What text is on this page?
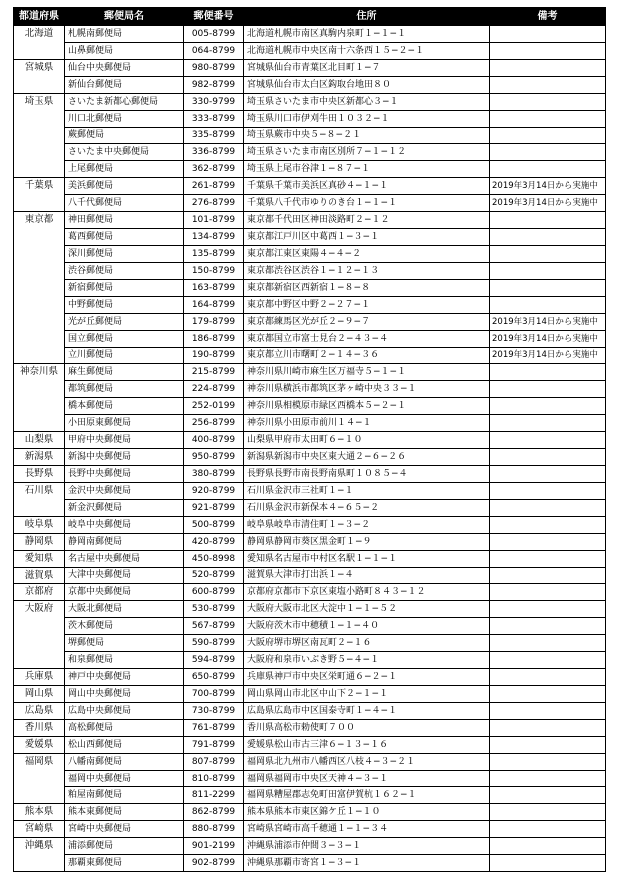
都道府県	郵便局名	郵便番号	住所	備考
北海道	札幌南郵便局	005-8799	北海道札幌市南区真駒内泉町１−１−１	
	山鼻郵便局	064-8799	北海道札幌市中央区南十六条西１５−２−１	
宮城県	仙台中央郵便局	980-8799	宮城県仙台市青葉区北目町１−７	
	新仙台郵便局	982-8799	宮城県仙台市太白区鈎取台地田８０	
埼玉県	さいたま新都心郵便局	330-9799	埼玉県さいたま市中央区新都心３−１	
	川口北郵便局	333-8799	埼玉県川口市伊刈牛田１０３２−１	
	蕨郵便局	335-8799	埼玉県蕨市中央５−８−２１	
	さいたま中央郵便局	336-8799	埼玉県さいたま市南区別所７−１−１２	
	上尾郵便局	362-8799	埼玉県上尾市谷津１−８７−１	
千葉県	美浜郵便局	261-8799	千葉県千葉市美浜区真砂４−１−１	2019年3月14日から実施中
	八千代郵便局	276-8799	千葉県八千代市ゆりのき台１−１−１	2019年3月14日から実施中
東京都	神田郵便局	101-8799	東京都千代田区神田淡路町２−１２	
	葛西郵便局	134-8799	東京都江戸川区中葛西１−３−１	
	深川郵便局	135-8799	東京都江東区東陽４−４−２	
	渋谷郵便局	150-8799	東京都渋谷区渋谷１−１２−１３	
	新宿郵便局	163-8799	東京都新宿区西新宿１−８−８	
	中野郵便局	164-8799	東京都中野区中野２−２７−１	
	光が丘郵便局	179-8799	東京都練馬区光が丘２−９−７	2019年3月14日から実施中
	国立郵便局	186-8799	東京都国立市富士見台２−４３−４	2019年3月14日から実施中
	立川郵便局	190-8799	東京都立川市曙町２−１４−３６	2019年3月14日から実施中
神奈川県	麻生郵便局	215-8799	神奈川県川崎市麻生区万福寺５−１−１	
	都筑郵便局	224-8799	神奈川県横浜市都筑区茅ヶ崎中央３３−１	
	橋本郵便局	252-0199	神奈川県相模原市緑区西橋本５−２−１	
	小田原東郵便局	256-8799	神奈川県小田原市前川１４−１	
山梨県	甲府中央郵便局	400-8799	山梨県甲府市太田町６−１０	
新潟県	新潟中央郵便局	950-8799	新潟県新潟市中央区東大通２−６−２６	
長野県	長野中央郵便局	380-8799	長野県長野市南長野南県町１０８５−４	
石川県	金沢中央郵便局	920-8799	石川県金沢市三社町１−１	
	新金沢郵便局	921-8799	石川県金沢市新保本４−６５−２	
岐阜県	岐阜中央郵便局	500-8799	岐阜県岐阜市清住町１−３−２	
静岡県	静岡南郵便局	420-8799	静岡県静岡市葵区黒金町１−９	
愛知県	名古屋中央郵便局	450-8998	愛知県名古屋市中村区名駅１−１−１	
滋賀県	大津中央郵便局	520-8799	滋賀県大津市打出浜１−４	
京都府	京都中央郵便局	600-8799	京都府京都市下京区東塩小路町８４３−１２	
大阪府	大阪北郵便局	530-8799	大阪府大阪市北区大淀中１−１−５２	
	茨木郵便局	567-8799	大阪府茨木市中穂積１−１−４０	
	堺郵便局	590-8799	大阪府堺市堺区南瓦町２−１６	
	和泉郵便局	594-8799	大阪府和泉市いぶき野５−４−１	
兵庫県	神戸中央郵便局	650-8799	兵庫県神戸市中央区栄町通６−２−１	
岡山県	岡山中央郵便局	700-8799	岡山県岡山市北区中山下２−１−１	
広島県	広島中央郵便局	730-8799	広島県広島市中区国泰寺町１−４−１	
香川県	高松郵便局	761-8799	香川県高松市勅使町７００	
愛媛県	松山西郵便局	791-8799	愛媛県松山市古三津６−１３−１６	
福岡県	八幡南郵便局	807-8799	福岡県北九州市八幡西区八枝４−３−２１	
	福岡中央郵便局	810-8799	福岡県福岡市中央区天神４−３−１	
	粕屋南郵便局	811-2299	福岡県糟屋郡志免町田富伊賀杭１６２−１	
熊本県	熊本東郵便局	862-8799	熊本県熊本市東区錦ケ丘１−１０	
宮崎県	宮崎中央郵便局	880-8799	宮崎県宮崎市高千穂通１−１−３４	
沖縄県	浦添郵便局	901-2199	沖縄県浦添市仲間３−３−１	
	那覇東郵便局	902-8799	沖縄県那覇市寄宮１−３−１	
